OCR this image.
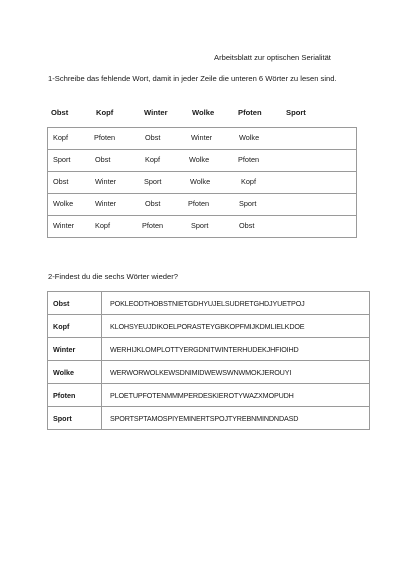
Arbeitsblatt zur optischen Serialität
1-Schreibe das fehlende Wort, damit in jeder Zeile die unteren 6 Wörter zu lesen sind.
Obst	Kopf	Winter	Wolke	Pfoten	Sport
Kopf	Pfoten	Obst	Winter	Wolke

Sport	Obst	Kopf	Wolke	Pfoten

Obst	Winter	Sport	Wolke	Kopf

Wolke	Winter	Obst	Pfoten	Sport

Winter	Kopf	Pfoten	Sport	Obst
2-Findest du die sechs Wörter wieder?
Obst	POKLEODTHOBSTNIETGDHYUJELSUDRETGHDJYUETPOJ
Kopf	KLOHSYEUJDIKOELPORASTEYGBKOPFMIJKDMLIELKDOE
Winter	WERHIJKLOMPLOTTYERGDNITWINTERHUDEKJHFIOIHD
Wolke	WERWORWOLKEWSDNIMIDWEWSWNWMOKJEROUYI
Pfoten	PLOETUPFOTENMMMPERDESKIEROTYWAZXMOPUDH
Sport	SPORTSPTAMOSPIYEMINERTSPOJTYREBNMINDNDASD
